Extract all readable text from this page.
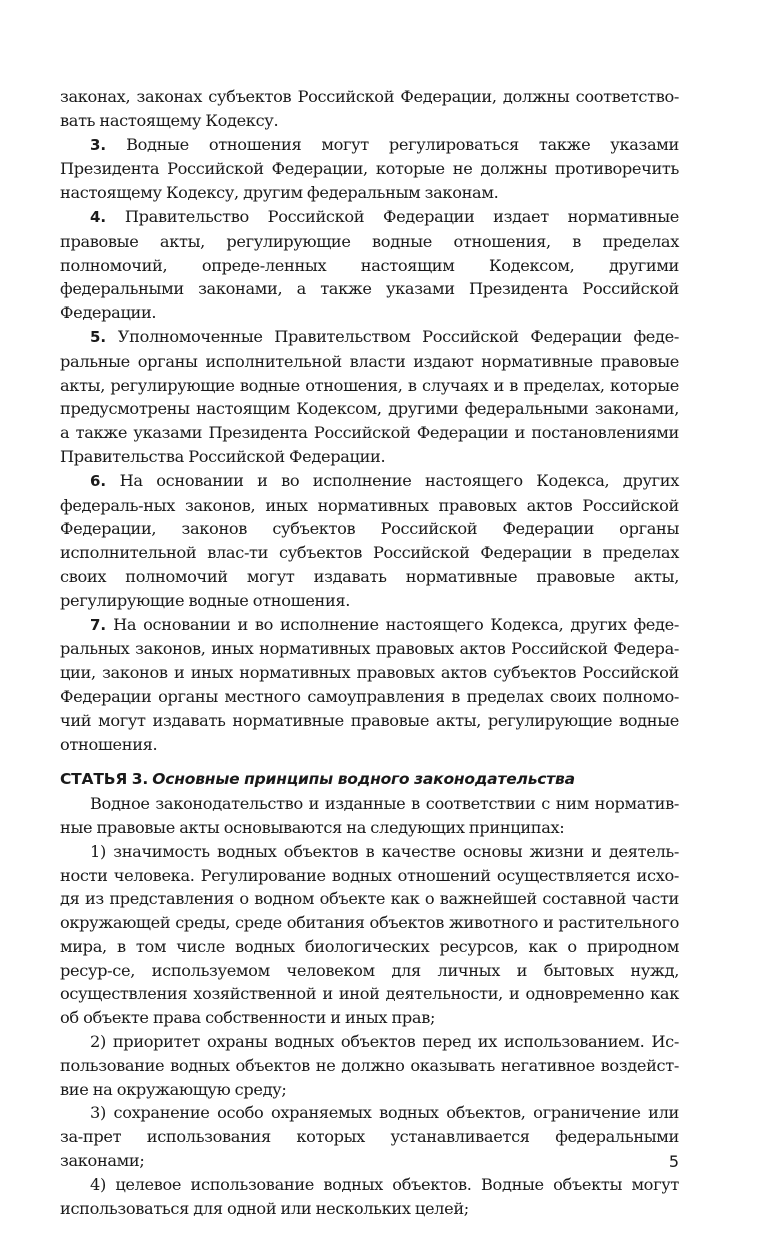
законах, законах субъектов Российской Федерации, должны соответство-вать настоящему Кодексу.

3. Водные отношения могут регулироваться также указами Президента Российской Федерации, которые не должны противоречить настоящему Кодексу, другим федеральным законам.

4. Правительство Российской Федерации издает нормативные правовые акты, регулирующие водные отношения, в пределах полномочий, опреде-ленных настоящим Кодексом, другими федеральными законами, а также указами Президента Российской Федерации.

5. Уполномоченные Правительством Российской Федерации феде-ральные органы исполнительной власти издают нормативные правовые акты, регулирующие водные отношения, в случаях и в пределах, которые предусмотрены настоящим Кодексом, другими федеральными законами, а также указами Президента Российской Федерации и постановлениями Правительства Российской Федерации.

6. На основании и во исполнение настоящего Кодекса, других федераль-ных законов, иных нормативных правовых актов Российской Федерации, законов субъектов Российской Федерации органы исполнительной влас-ти субъектов Российской Федерации в пределах своих полномочий могут издавать нормативные правовые акты, регулирующие водные отношения.

7. На основании и во исполнение настоящего Кодекса, других феде-ральных законов, иных нормативных правовых актов Российской Федера-ции, законов и иных нормативных правовых актов субъектов Российской Федерации органы местного самоуправления в пределах своих полномо-чий могут издавать нормативные правовые акты, регулирующие водные отношения.

СТАТЬЯ 3. Основные принципы водного законодательства

Водное законодательство и изданные в соответствии с ним норматив-ные правовые акты основываются на следующих принципах:

1) значимость водных объектов в качестве основы жизни и деятель-ности человека. Регулирование водных отношений осуществляется исхо-дя из представления о водном объекте как о важнейшей составной части окружающей среды, среде обитания объектов животного и растительного мира, в том числе водных биологических ресурсов, как о природном ресур-се, используемом человеком для личных и бытовых нужд, осуществления хозяйственной и иной деятельности, и одновременно как об объекте права собственности и иных прав;

2) приоритет охраны водных объектов перед их использованием. Ис-пользование водных объектов не должно оказывать негативное воздейст-вие на окружающую среду;

3) сохранение особо охраняемых водных объектов, ограничение или за-прет использования которых устанавливается федеральными законами;

4) целевое использование водных объектов. Водные объекты могут использоваться для одной или нескольких целей;

5
